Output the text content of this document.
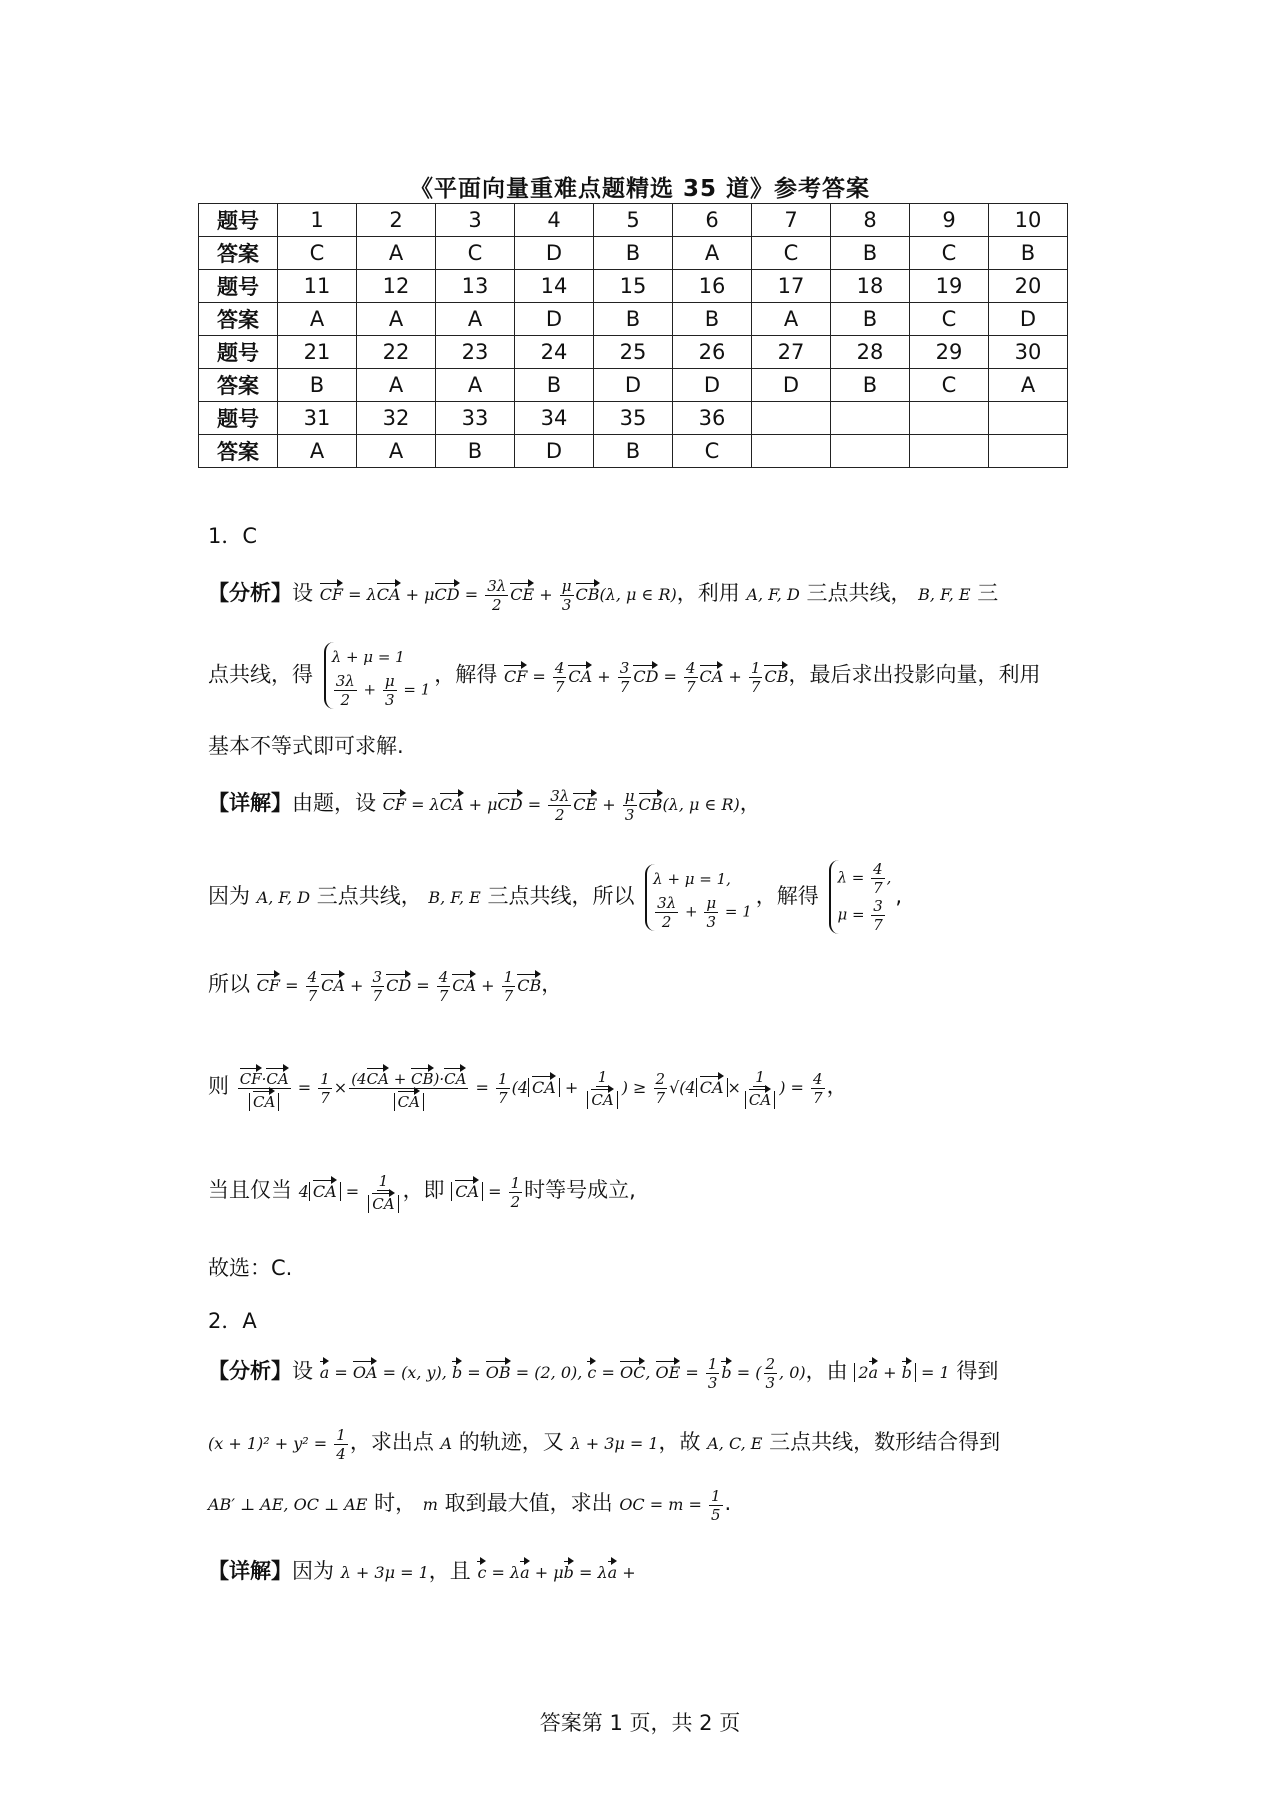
《平面向量重难点题精选 35 道》参考答案
题号	1	2	3	4	5	6	7	8	9	10
答案	C	A	C	D	B	A	C	B	C	B
题号	11	12	13	14	15	16	17	18	19	20
答案	A	A	A	D	B	B	A	B	C	D
题号	21	22	23	24	25	26	27	28	29	30
答案	B	A	A	B	D	D	D	B	C	A
题号	31	32	33	34	35	36				
答案	A	A	B	D	B	C				
1．C
【分析】设 CF = $\lambda CA + \mu CD = \frac{3\lambda}{2}$ CE + $\frac{\mu}{3} CB(\lambda$, μ ∈ R)，利用 A, F, D 三点共线， B, F, E 三
点共线，得
λ + μ = 1
$\frac{3\lambda}{2} + \frac{\mu}{3} = 1$
，解得 CF = $\frac{4}{7}$ CA + $\frac{3}{7}$ CD = $\frac{4}{7}$ CA + $\frac{1}{7}$ CB，最后求出投影向量，利用
基本不等式即可求解.
【详解】由题，设 CF = $\lambda CA + \mu CD = \frac{3\lambda}{2}$ CE + $\frac{\mu}{3} CB(\lambda$, μ ∈ R)，
因为 A, F, D 三点共线， B, F, E 三点共线，所以
λ + μ = 1,
$\frac{3\lambda}{2} + \frac{\mu}{3} = 1$
，解得
$\lambda = \frac{4}{7}$ ,
$\mu = \frac{3}{7}$
,
所以 CF = $\frac{4}{7}$ CA + $\frac{3}{7}$ CD = $\frac{4}{7}$ CA + $\frac{1}{7}$ CB，
则 $\frac{CF\cdot CA}{CA} = \frac{1}{7} \times \frac{(4CA + CB)\cdot CA}{CA} = \frac{1}{7} (4$ CA + $\frac{1}{CA}$ ) ≥ $\frac{2}{7} √(4$ CA × $\frac{1}{CA}$ ) = $\frac{4}{7}$ ，
当且仅当 4 CA = $\frac{1}{CA}$ ，即 CA = $\frac{1}{2}$ 时等号成立,
故选：C.
2．A
【分析】设 a = OA = (x, y), b = OB = (2, 0), c = OC, OE = $\frac{1}{3}$ b = ( $\frac{2}{3}$ , 0)，由 2a + b = 1 得到
$(x + 1)^2 + y^2 = \frac{1}{4}$ ，求出点 A 的轨迹，又 λ + 3μ = 1，故 A, C, E 三点共线，数形结合得到
AB′ ⊥ AE, OC ⊥ AE 时， m 取到最大值，求出 OC = $m = \frac{1}{5}$ .
【详解】因为 λ + 3μ = 1，且 c = λa + μb = λa +
答案第 1 页，共 2 页
